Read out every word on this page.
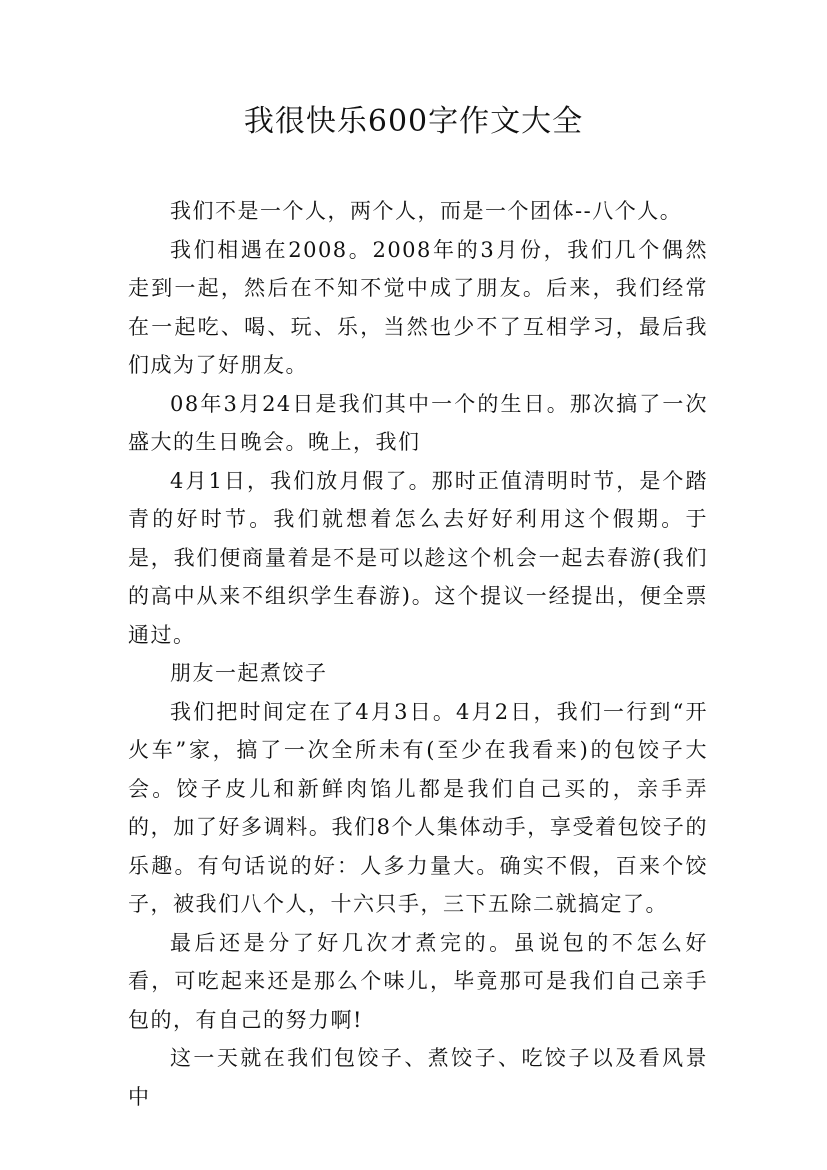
我很快乐600字作文大全

我们不是一个人，两个人，而是一个团体--八个人。

我们相遇在2008。2008年的3月份，我们几个偶然走到一起，然后在不知不觉中成了朋友。后来，我们经常在一起吃、喝、玩、乐，当然也少不了互相学习，最后我们成为了好朋友。

08年3月24日是我们其中一个的生日。那次搞了一次盛大的生日晚会。晚上，我们

4月1日，我们放月假了。那时正值清明时节，是个踏青的好时节。我们就想着怎么去好好利用这个假期。于是，我们便商量着是不是可以趁这个机会一起去春游(我们的高中从来不组织学生春游)。这个提议一经提出，便全票通过。

朋友一起煮饺子

我们把时间定在了4月3日。4月2日，我们一行到“开火车”家，搞了一次全所未有(至少在我看来)的包饺子大会。饺子皮儿和新鲜肉馅儿都是我们自己买的，亲手弄的，加了好多调料。我们8个人集体动手，享受着包饺子的乐趣。有句话说的好：人多力量大。确实不假，百来个饺子，被我们八个人，十六只手，三下五除二就搞定了。

最后还是分了好几次才煮完的。虽说包的不怎么好看，可吃起来还是那么个味儿，毕竟那可是我们自己亲手包的，有自己的努力啊!

这一天就在我们包饺子、煮饺子、吃饺子以及看风景中
